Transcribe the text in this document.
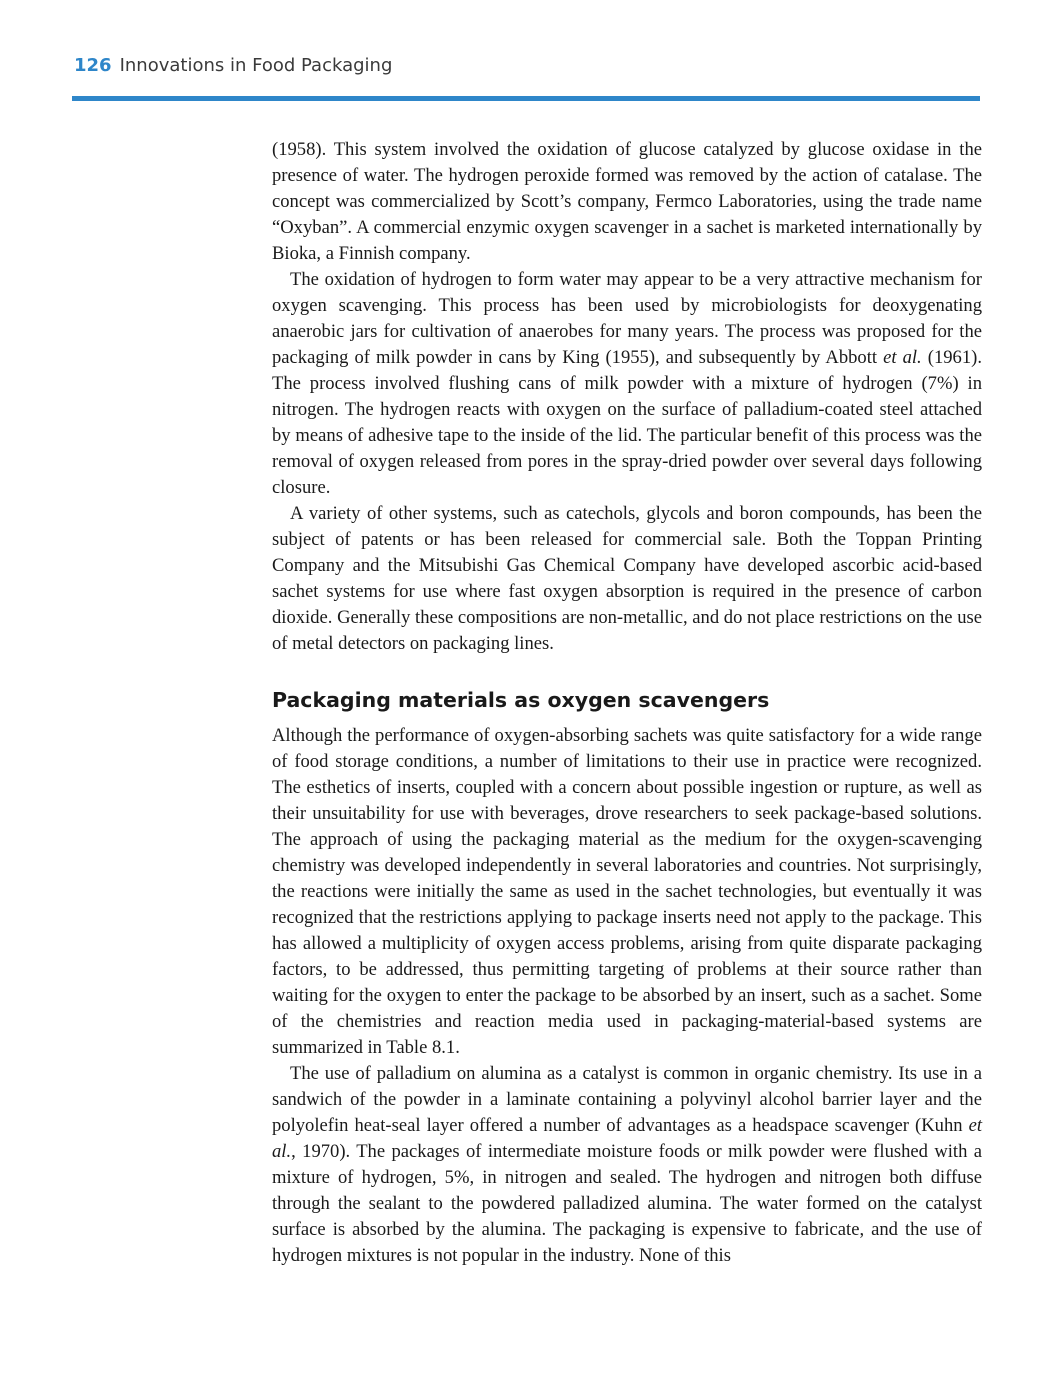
126 Innovations in Food Packaging

(1958). This system involved the oxidation of glucose catalyzed by glucose oxidase in the presence of water. The hydrogen peroxide formed was removed by the action of catalase. The concept was commercialized by Scott’s company, Fermco Laboratories, using the trade name “Oxyban”. A commercial enzymic oxygen scavenger in a sachet is marketed internationally by Bioka, a Finnish company.

The oxidation of hydrogen to form water may appear to be a very attractive mechanism for oxygen scavenging. This process has been used by microbiologists for deoxygenating anaerobic jars for cultivation of anaerobes for many years. The process was proposed for the packaging of milk powder in cans by King (1955), and subsequently by Abbott et al. (1961). The process involved flushing cans of milk powder with a mixture of hydrogen (7%) in nitrogen. The hydrogen reacts with oxygen on the surface of palladium-coated steel attached by means of adhesive tape to the inside of the lid. The particular benefit of this process was the removal of oxygen released from pores in the spray-dried powder over several days following closure.

A variety of other systems, such as catechols, glycols and boron compounds, has been the subject of patents or has been released for commercial sale. Both the Toppan Printing Company and the Mitsubishi Gas Chemical Company have developed ascorbic acid-based sachet systems for use where fast oxygen absorption is required in the presence of carbon dioxide. Generally these compositions are non-metallic, and do not place restrictions on the use of metal detectors on packaging lines.

Packaging materials as oxygen scavengers

Although the performance of oxygen-absorbing sachets was quite satisfactory for a wide range of food storage conditions, a number of limitations to their use in practice were recognized. The esthetics of inserts, coupled with a concern about possible ingestion or rupture, as well as their unsuitability for use with beverages, drove researchers to seek package-based solutions. The approach of using the packaging material as the medium for the oxygen-scavenging chemistry was developed independently in several laboratories and countries. Not surprisingly, the reactions were initially the same as used in the sachet technologies, but eventually it was recognized that the restrictions applying to package inserts need not apply to the package. This has allowed a multiplicity of oxygen access problems, arising from quite disparate packaging factors, to be addressed, thus permitting targeting of problems at their source rather than waiting for the oxygen to enter the package to be absorbed by an insert, such as a sachet. Some of the chemistries and reaction media used in packaging-material-based systems are summarized in Table 8.1.

The use of palladium on alumina as a catalyst is common in organic chemistry. Its use in a sandwich of the powder in a laminate containing a polyvinyl alcohol barrier layer and the polyolefin heat-seal layer offered a number of advantages as a headspace scavenger (Kuhn et al., 1970). The packages of intermediate moisture foods or milk powder were flushed with a mixture of hydrogen, 5%, in nitrogen and sealed. The hydrogen and nitrogen both diffuse through the sealant to the powdered palladized alumina. The water formed on the catalyst surface is absorbed by the alumina. The packaging is expensive to fabricate, and the use of hydrogen mixtures is not popular in the industry. None of this
